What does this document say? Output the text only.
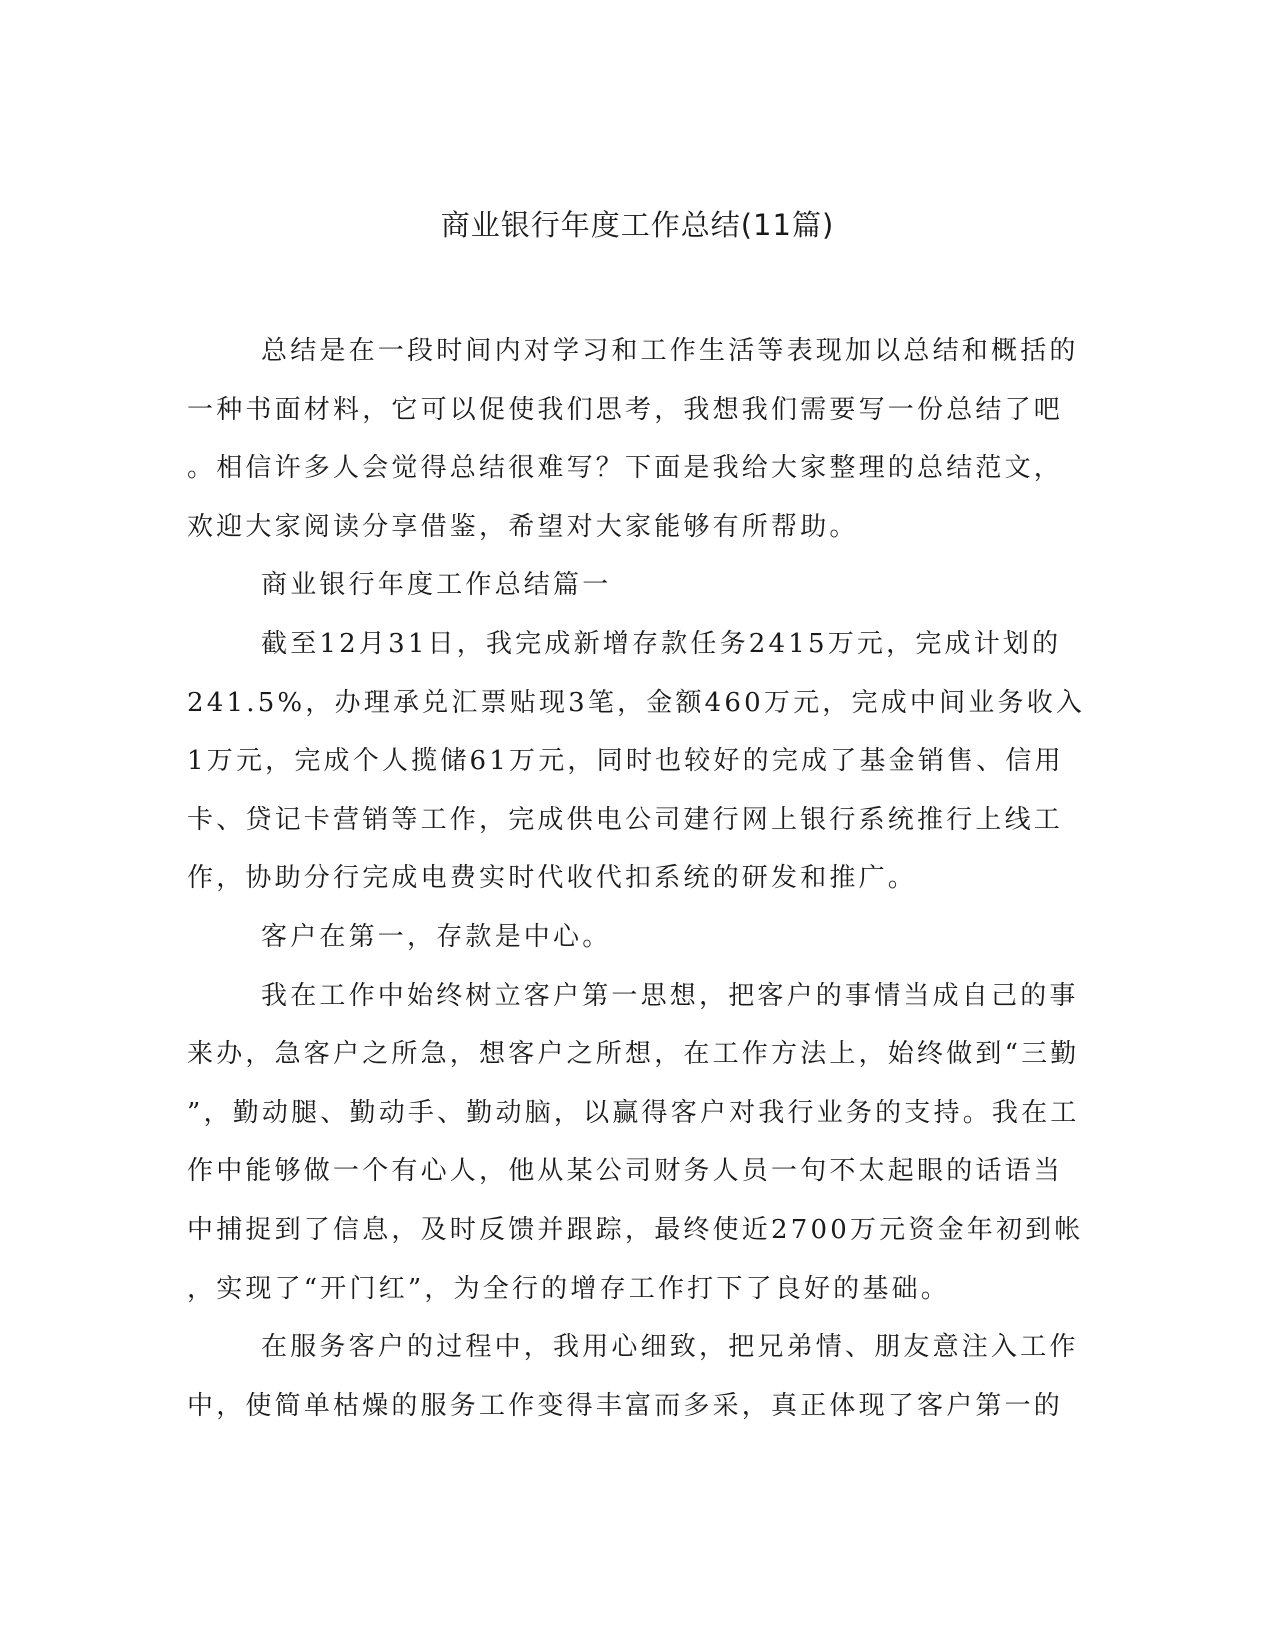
商业银行年度工作总结(11篇)
总结是在一段时间内对学习和工作生活等表现加以总结和概括的
一种书面材料，它可以促使我们思考，我想我们需要写一份总结了吧
。相信许多人会觉得总结很难写？下面是我给大家整理的总结范文，
欢迎大家阅读分享借鉴，希望对大家能够有所帮助。
商业银行年度工作总结篇一
截至12月31日，我完成新增存款任务2415万元，完成计划的
241.5%，办理承兑汇票贴现3笔，金额460万元，完成中间业务收入
1万元，完成个人揽储61万元，同时也较好的完成了基金销售、信用
卡、贷记卡营销等工作，完成供电公司建行网上银行系统推行上线工
作，协助分行完成电费实时代收代扣系统的研发和推广。
客户在第一，存款是中心。
我在工作中始终树立客户第一思想，把客户的事情当成自己的事
来办，急客户之所急，想客户之所想，在工作方法上，始终做到“三勤
”，勤动腿、勤动手、勤动脑，以赢得客户对我行业务的支持。我在工
作中能够做一个有心人，他从某公司财务人员一句不太起眼的话语当
中捕捉到了信息，及时反馈并跟踪，最终使近2700万元资金年初到帐
，实现了“开门红”，为全行的增存工作打下了良好的基础。
在服务客户的过程中，我用心细致，把兄弟情、朋友意注入工作
中，使简单枯燥的服务工作变得丰富而多采，真正体现了客户第一的
